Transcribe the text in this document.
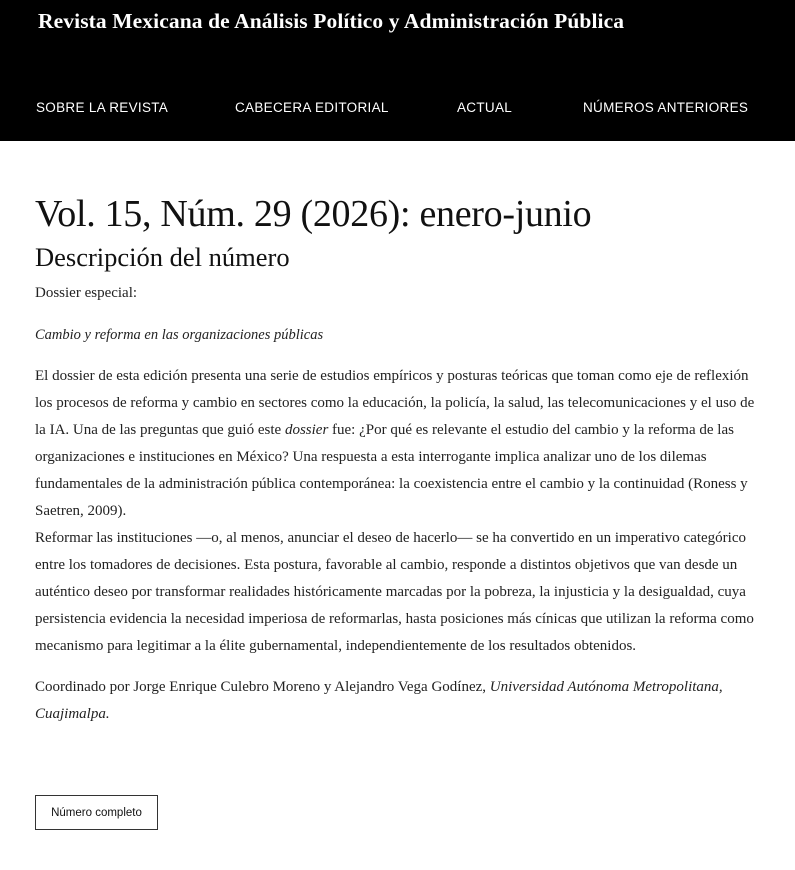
Revista Mexicana de Análisis Político y Administración Pública
SOBRE LA REVISTA	CABECERA EDITORIAL	ACTUAL	NÚMEROS ANTERIORES
Vol. 15, Núm. 29 (2026): enero-junio
Descripción del número

Dossier especial:

Cambio y reforma en las organizaciones públicas

El dossier de esta edición presenta una serie de estudios empíricos y posturas teóricas que toman como eje de reflexión los procesos de reforma y cambio en sectores como la educación, la policía, la salud, las telecomunicaciones y el uso de la IA. Una de las preguntas que guió este dossier fue: ¿Por qué es relevante el estudio del cambio y la reforma de las organizaciones e instituciones en México? Una respuesta a esta interrogante implica analizar uno de los dilemas fundamentales de la administración pública contemporánea: la coexistencia entre el cambio y la continuidad (Roness y Saetren, 2009).
Reformar las instituciones —o, al menos, anunciar el deseo de hacerlo— se ha convertido en un imperativo categórico entre los tomadores de decisiones. Esta postura, favorable al cambio, responde a distintos objetivos que van desde un auténtico deseo por transformar realidades históricamente marcadas por la pobreza, la injusticia y la desigualdad, cuya persistencia evidencia la necesidad imperiosa de reformarlas, hasta posiciones más cínicas que utilizan la reforma como mecanismo para legitimar a la élite gubernamental, independientemente de los resultados obtenidos.

Coordinado por Jorge Enrique Culebro Moreno y Alejandro Vega Godínez, Universidad Autónoma Metropolitana, Cuajimalpa.

Número completo
